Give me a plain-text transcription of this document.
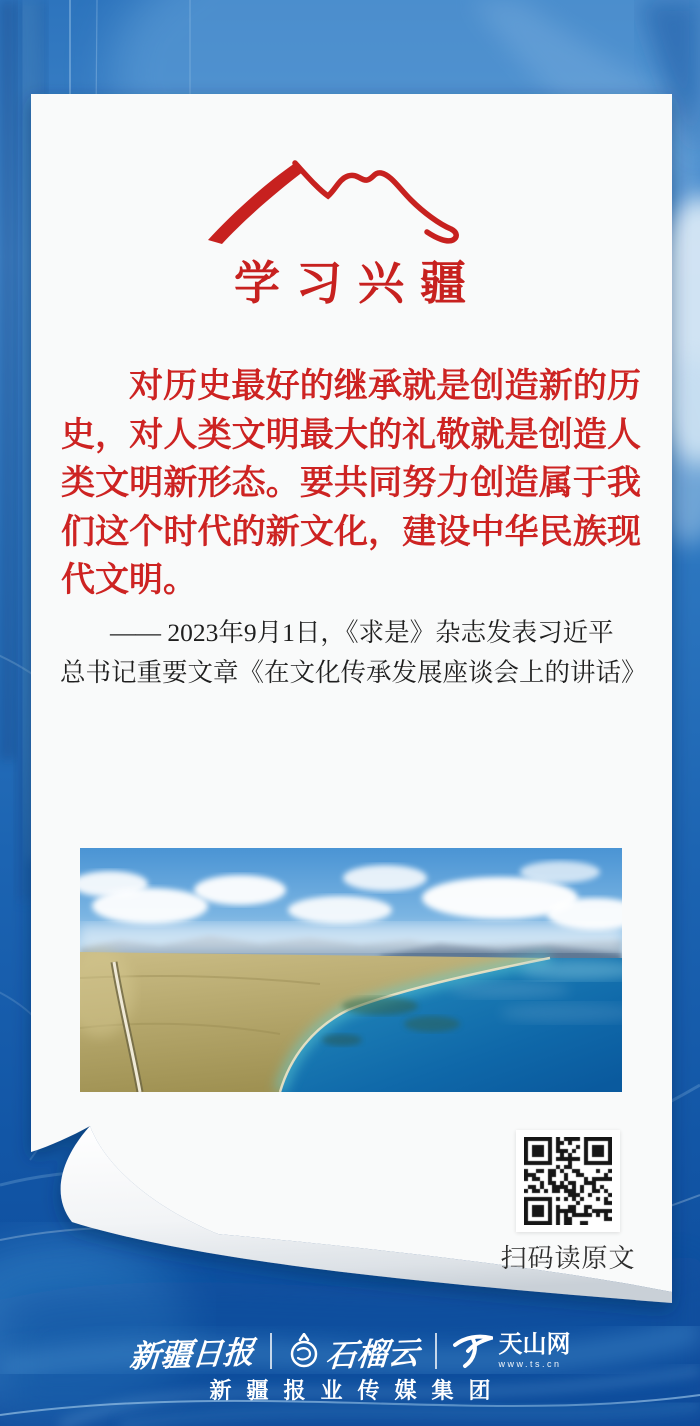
学习兴疆
对历史最好的继承就是创造新的历史，对人类文明最大的礼敬就是创造人类文明新形态。要共同努力创造属于我们这个时代的新文化，建设中华民族现代文明。
—— 2023年9月1日，《求是》杂志发表习近平
总书记重要文章《在文化传承发展座谈会上的讲话》
扫码读原文
新疆日报 石榴云	天山网
www.ts.cn
新疆报业传媒集团
